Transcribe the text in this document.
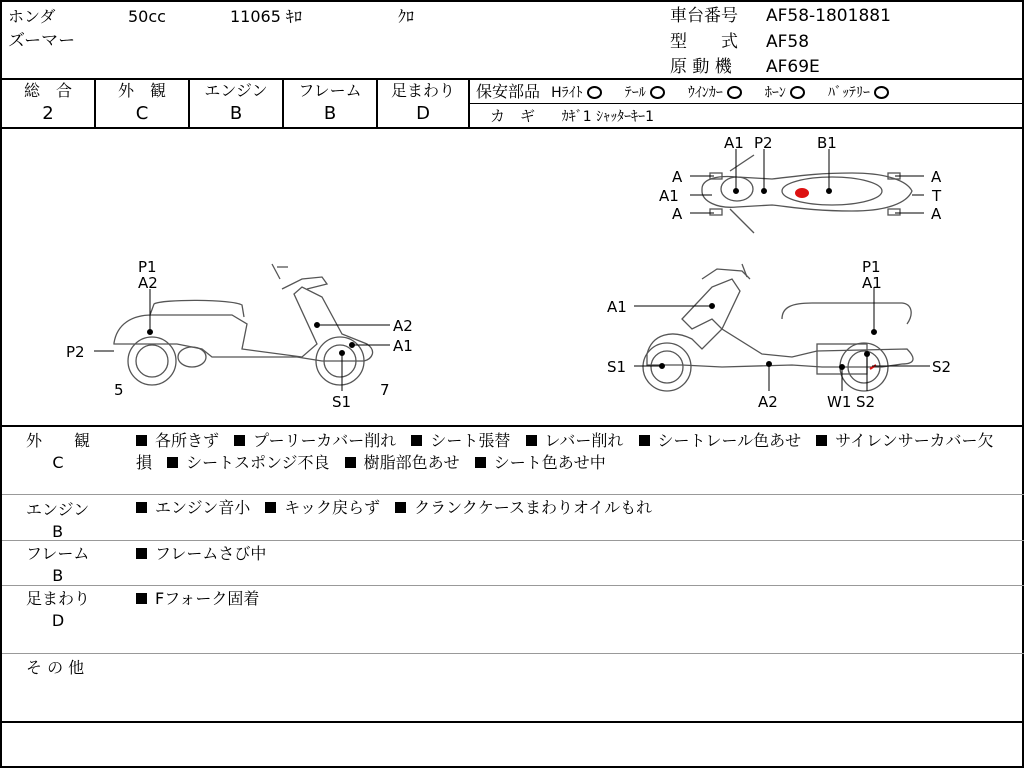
ホンダ	50cc	11065 ｷﾛ	ｸﾛ
ズーマー
車台番号 AF58-1801881
型　　式 AF58
原 動 機 AF69E
総　合
2
外　観
C
エンジン
B
フレーム
B
足まわり
D
保安部品 Hﾗｲﾄ	ﾃｰﾙ	ｳｲﾝｶｰ	ﾎｰﾝ	ﾊﾞｯﾃﾘｰ
カ　ギ ｶｷﾞ1 ｼｬｯﾀｰｷｰ1
A1 P2	B1
A
A1
A
A
T
A
P1
A2
P2
A2
A1
S1
5	7
P1
A1
A1
S1	S2
A2	W1 S2
外　　観
C
各所きず プーリーカバー削れ シート張替 レバー削れ シートレール色あせ サイレンサーカバー欠損 シートスポンジ不良 樹脂部色あせ シート色あせ中
エンジン
B
エンジン音小 キック戻らず クランクケースまわりオイルもれ
フレーム
B
フレームさび中
足まわり
D
Fフォーク固着
そ の 他
